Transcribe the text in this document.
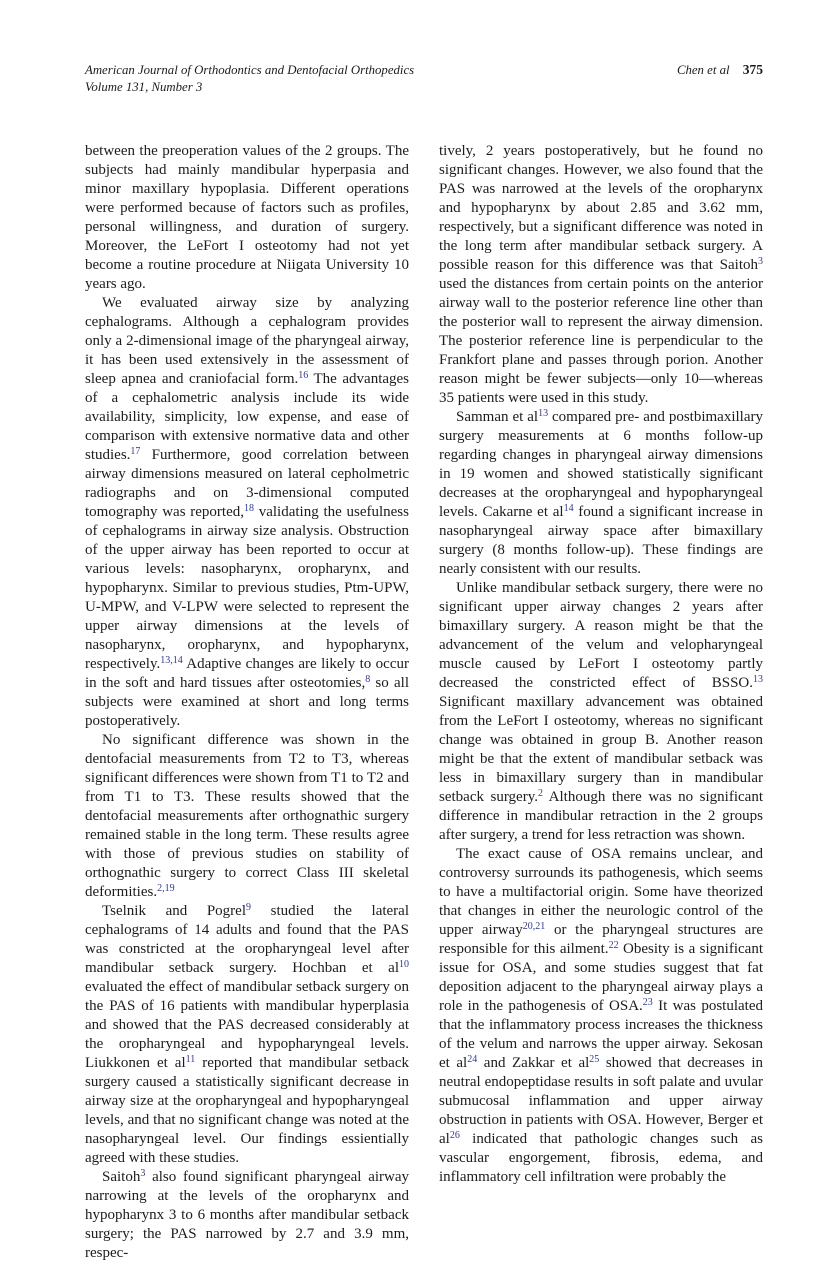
American Journal of Orthodontics and Dentofacial Orthopedics
Volume 131, Number 3
Chen et al 375

between the preoperation values of the 2 groups. The subjects had mainly mandibular hyperpasia and minor maxillary hypoplasia. Different operations were performed because of factors such as profiles, personal willingness, and duration of surgery. Moreover, the LeFort I osteotomy had not yet become a routine procedure at Niigata University 10 years ago.

We evaluated airway size by analyzing cephalograms. Although a cephalogram provides only a 2-dimensional image of the pharyngeal airway, it has been used extensively in the assessment of sleep apnea and craniofacial form.$^{16}$ The advantages of a cephalometric analysis include its wide availability, simplicity, low expense, and ease of comparison with extensive normative data and other studies.$^{17}$ Furthermore, good correlation between airway dimensions measured on lateral cepholmetric radiographs and on 3-dimensional computed tomography was reported,$^{18}$ validating the usefulness of cephalograms in airway size analysis. Obstruction of the upper airway has been reported to occur at various levels: nasopharynx, oropharynx, and hypopharynx. Similar to previous studies, Ptm-UPW, U-MPW, and V-LPW were selected to represent the upper airway dimensions at the levels of nasopharynx, oropharynx, and hypopharynx, respectively.$^{13,14}$ Adaptive changes are likely to occur in the soft and hard tissues after osteotomies,$^8$ so all subjects were examined at short and long terms postoperatively.

No significant difference was shown in the dentofacial measurements from T2 to T3, whereas significant differences were shown from T1 to T2 and from T1 to T3. These results showed that the dentofacial measurements after orthognathic surgery remained stable in the long term. These results agree with those of previous studies on stability of orthognathic surgery to correct Class III skeletal deformities.$^{2,19}$

Tselnik and Pogrel$^9$ studied the lateral cephalograms of 14 adults and found that the PAS was constricted at the oropharyngeal level after mandibular setback surgery. Hochban et al$^{10}$ evaluated the effect of mandibular setback surgery on the PAS of 16 patients with mandibular hyperplasia and showed that the PAS decreased considerably at the oropharyngeal and hypopharyngeal levels. Liukkonen et al$^{11}$ reported that mandibular setback surgery caused a statistically significant decrease in airway size at the oropharyngeal and hypopharyngeal levels, and that no significant change was noted at the nasopharyngeal level. Our findings essientially agreed with these studies.

Saitoh$^3$ also found significant pharyngeal airway narrowing at the levels of the oropharynx and hypopharynx 3 to 6 months after mandibular setback surgery; the PAS narrowed by 2.7 and 3.9 mm, respec-

tively, 2 years postoperatively, but he found no significant changes. However, we also found that the PAS was narrowed at the levels of the oropharynx and hypopharynx by about 2.85 and 3.62 mm, respectively, but a significant difference was noted in the long term after mandibular setback surgery. A possible reason for this difference was that Saitoh$^3$ used the distances from certain points on the anterior airway wall to the posterior reference line other than the posterior wall to represent the airway dimension. The posterior reference line is perpendicular to the Frankfort plane and passes through porion. Another reason might be fewer subjects—only 10—whereas 35 patients were used in this study.

Samman et al$^{13}$ compared pre- and postbimaxillary surgery measurements at 6 months follow-up regarding changes in pharyngeal airway dimensions in 19 women and showed statistically significant decreases at the oropharyngeal and hypopharyngeal levels. Cakarne et al$^{14}$ found a significant increase in nasopharyngeal airway space after bimaxillary surgery (8 months follow-up). These findings are nearly consistent with our results.

Unlike mandibular setback surgery, there were no significant upper airway changes 2 years after bimaxillary surgery. A reason might be that the advancement of the velum and velopharyngeal muscle caused by LeFort I osteotomy partly decreased the constricted effect of BSSO.$^{13}$ Significant maxillary advancement was obtained from the LeFort I osteotomy, whereas no significant change was obtained in group B. Another reason might be that the extent of mandibular setback was less in bimaxillary surgery than in mandibular setback surgery.$^2$ Although there was no significant difference in mandibular retraction in the 2 groups after surgery, a trend for less retraction was shown.

The exact cause of OSA remains unclear, and controversy surrounds its pathogenesis, which seems to have a multifactorial origin. Some have theorized that changes in either the neurologic control of the upper airway$^{20,21}$ or the pharyngeal structures are responsible for this ailment.$^{22}$ Obesity is a significant issue for OSA, and some studies suggest that fat deposition adjacent to the pharyngeal airway plays a role in the pathogenesis of OSA.$^{23}$ It was postulated that the inflammatory process increases the thickness of the velum and narrows the upper airway. Sekosan et al$^{24}$ and Zakkar et al$^{25}$ showed that decreases in neutral endopeptidase results in soft palate and uvular submucosal inflammation and upper airway obstruction in patients with OSA. However, Berger et al$^{26}$ indicated that pathologic changes such as vascular engorgement, fibrosis, edema, and inflammatory cell infiltration were probably the
